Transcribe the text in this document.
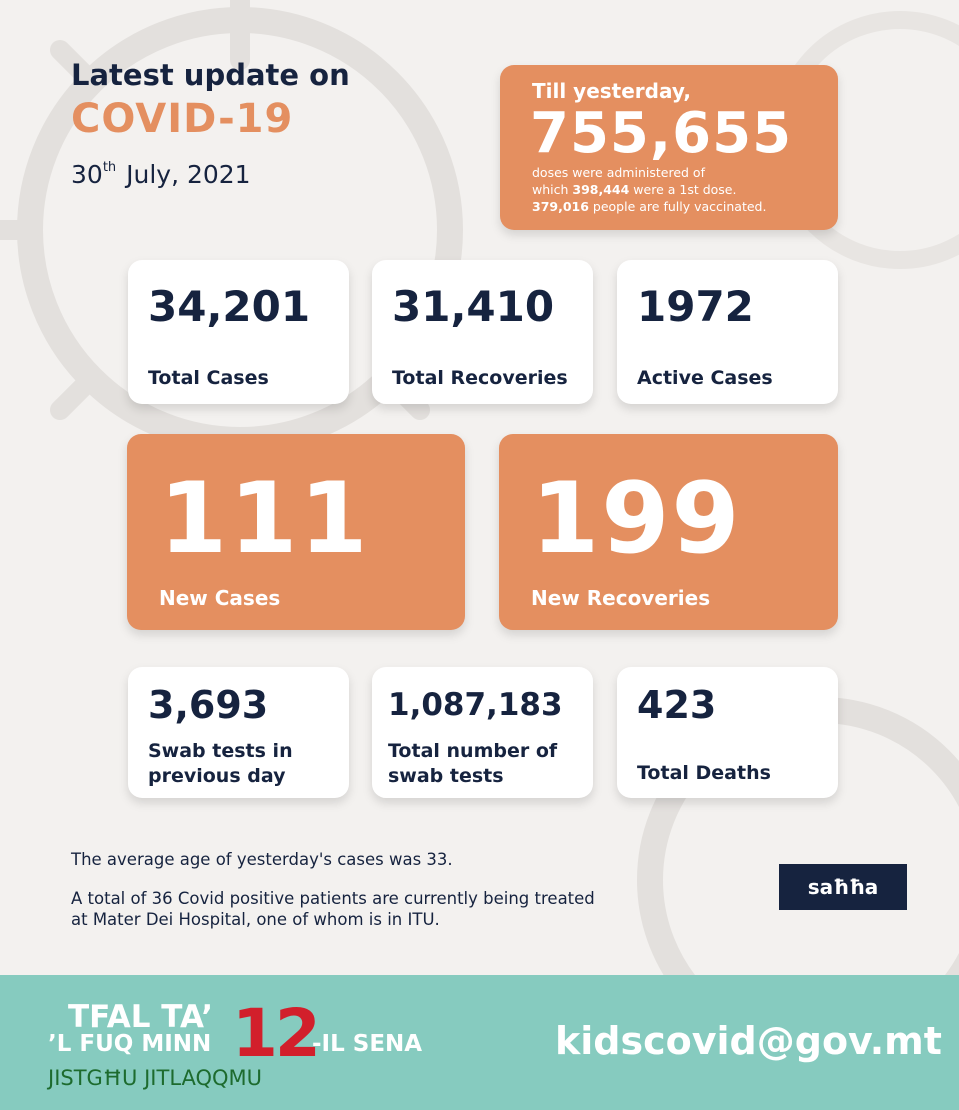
Latest update on
COVID-19
30th July, 2021
Till yesterday,
755,655
doses were administered of
which 398,444 were a 1st dose.
379,016 people are fully vaccinated.
34,201
Total Cases
31,410
Total Recoveries
1972
Active Cases
111
New Cases
199
New Recoveries
3,693
Swab tests in
previous day
1,087,183
Total number of
swab tests
423
Total Deaths
The average age of yesterday's cases was 33.
A total of 36 Covid positive patients are currently being treated
at Mater Dei Hospital, one of whom is in ITU.
saħħa
TFAL TA’
’L FUQ MINN 12
-IL SENA
JISTGĦU JITLAQQMU
kidscovid@gov.mt
